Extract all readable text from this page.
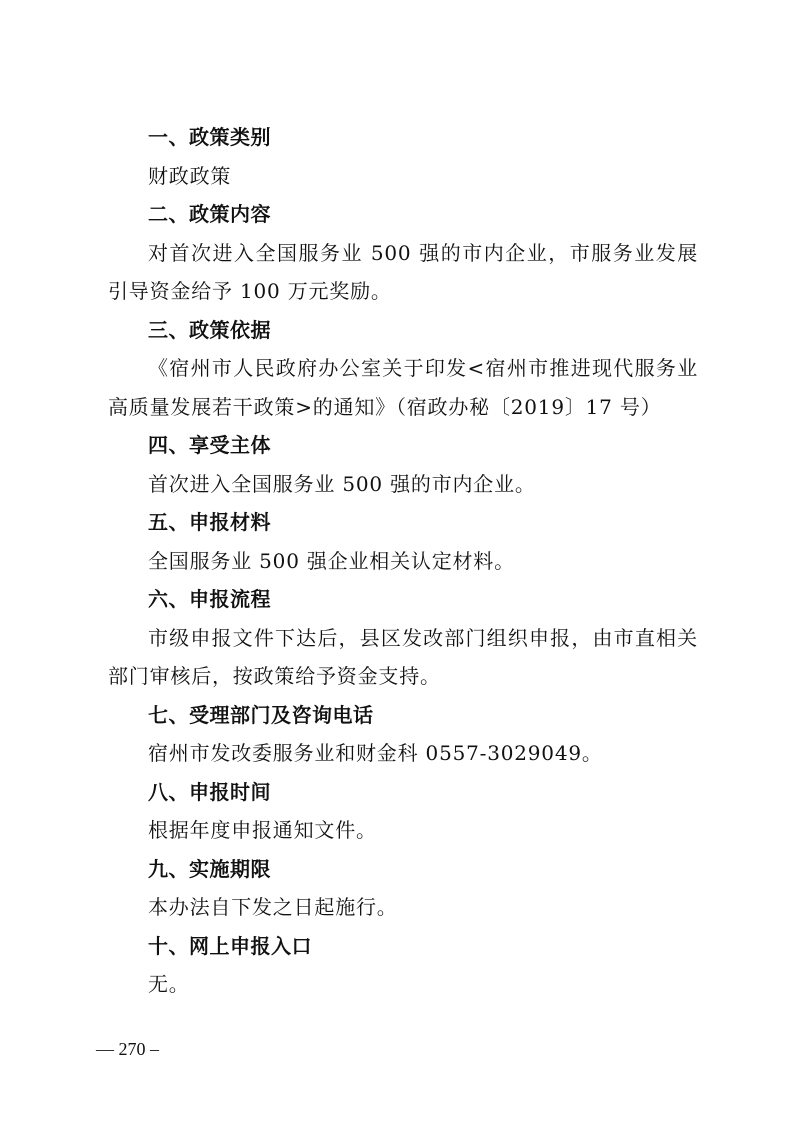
一、政策类别

财政政策

二、政策内容

对首次进入全国服务业 500 强的市内企业，市服务业发展引导资金给予 100 万元奖励。

三、政策依据

《宿州市人民政府办公室关于印发<宿州市推进现代服务业高质量发展若干政策>的通知》（宿政办秘〔2019〕17 号）

四、享受主体

首次进入全国服务业 500 强的市内企业。

五、申报材料

全国服务业 500 强企业相关认定材料。

六、申报流程

市级申报文件下达后，县区发改部门组织申报，由市直相关部门审核后，按政策给予资金支持。

七、受理部门及咨询电话

宿州市发改委服务业和财金科 0557-3029049。

八、申报时间

根据年度申报通知文件。

九、实施期限

本办法自下发之日起施行。

十、网上申报入口

无。

— 270 –
